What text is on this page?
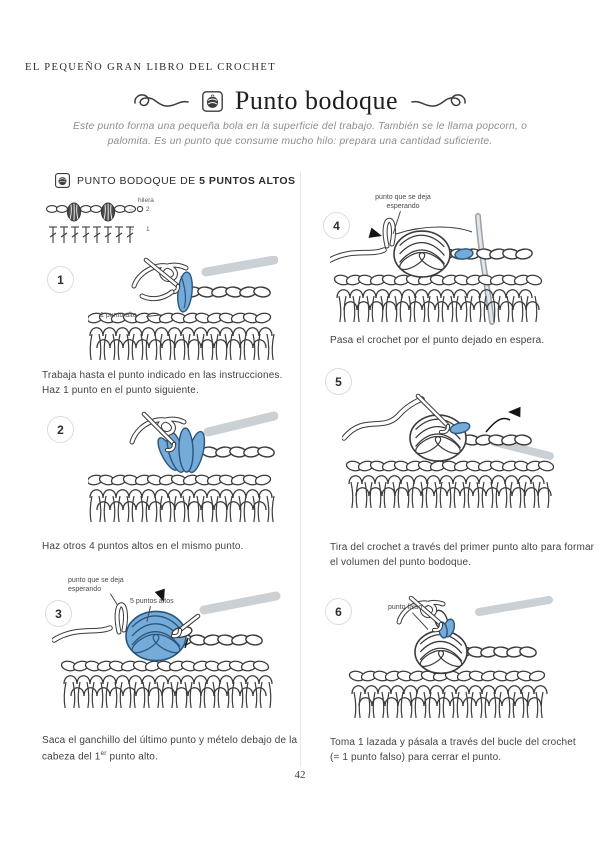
EL PEQUEÑO GRAN LIBRO DEL CROCHET
Punto bodoque
Este punto forma una pequeña bola en la superficie del trabajo. También se le llama popcorn, o palomita. Es un punto que consume mucho hilo: prepara una cantidad suficiente.
PUNTO BODOQUE DE 5 PUNTOS ALTOS
hilera
← 2
→ 1
1
1 punto alto
Trabaja hasta el punto indicado en las instrucciones. Haz 1 punto en el punto siguiente.
2
Haz otros 4 puntos altos en el mismo punto.
3
punto que se deja esperando
5 puntos altos
Saca el ganchillo del último punto y mételo debajo de la cabeza del 1er punto alto.
4
punto que se deja esperando
Pasa el crochet por el punto dejado en espera.
5
Tira del crochet a través del primer punto alto para formar el volumen del punto bodoque.
6	punto falso
Toma 1 lazada y pásala a través del bucle del crochet (= 1 punto falso) para cerrar el punto.
42
